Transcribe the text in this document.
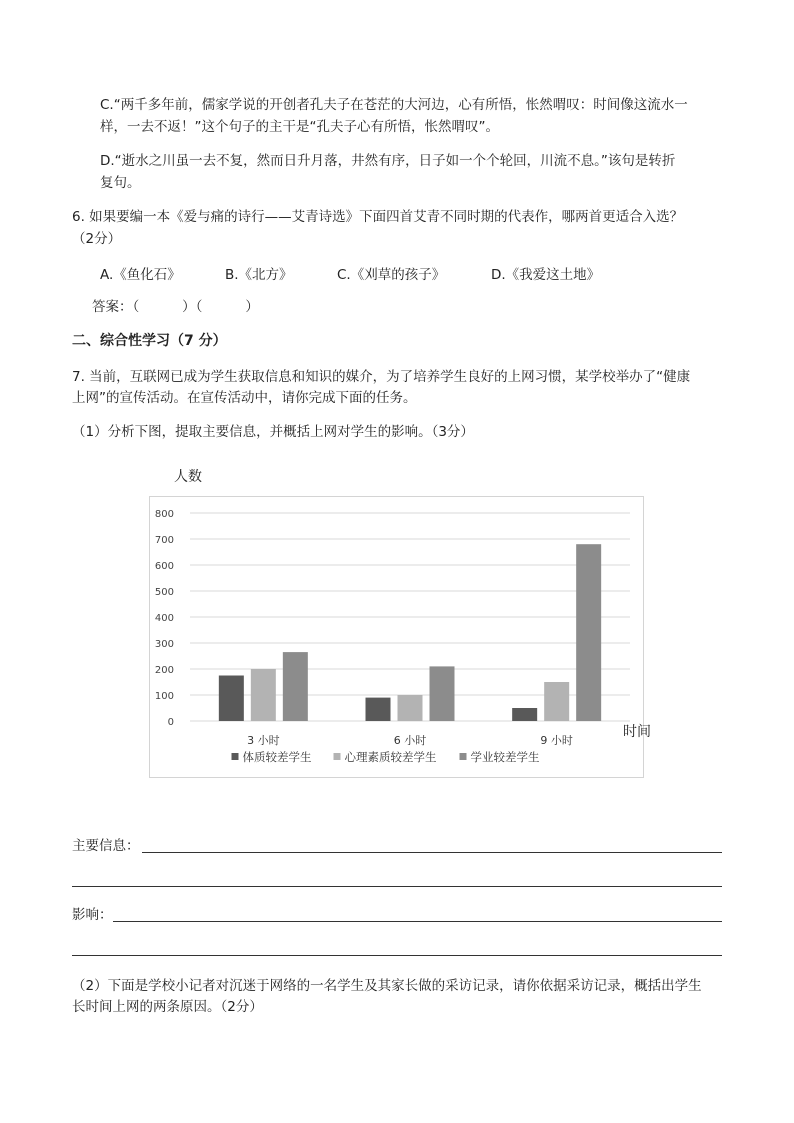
C.“两千多年前，儒家学说的开创者孔夫子在苍茫的大河边，心有所悟，怅然喟叹：时间像这流水一
样，一去不返！”这个句子的主干是“孔夫子心有所悟，怅然喟叹”。
D.“逝水之川虽一去不复，然而日升月落，井然有序，日子如一个个轮回，川流不息。”该句是转折
复句。
6. 如果要编一本《爱与痛的诗行——艾青诗选》下面四首艾青不同时期的代表作，哪两首更适合入选？
（2分）
A.《鱼化石》	B.《北方》	C.《刈草的孩子》	D.《我爱这土地》
答案：（          ）（          ）
二、综合性学习（7 分）
7. 当前，互联网已成为学生获取信息和知识的媒介，为了培养学生良好的上网习惯，某学校举办了“健康
上网”的宣传活动。在宣传活动中，请你完成下面的任务。
（1）分析下图，提取主要信息，并概括上网对学生的影响。（3分）
人数
0
100
200
300
400
500
600
700
800
3 小时	6 小时	9 小时
体质较差学生	心理素质较差学生	学业较差学生
时间
主要信息：
影响：
（2）下面是学校小记者对沉迷于网络的一名学生及其家长做的采访记录，请你依据采访记录，概括出学生
长时间上网的两条原因。（2分）
